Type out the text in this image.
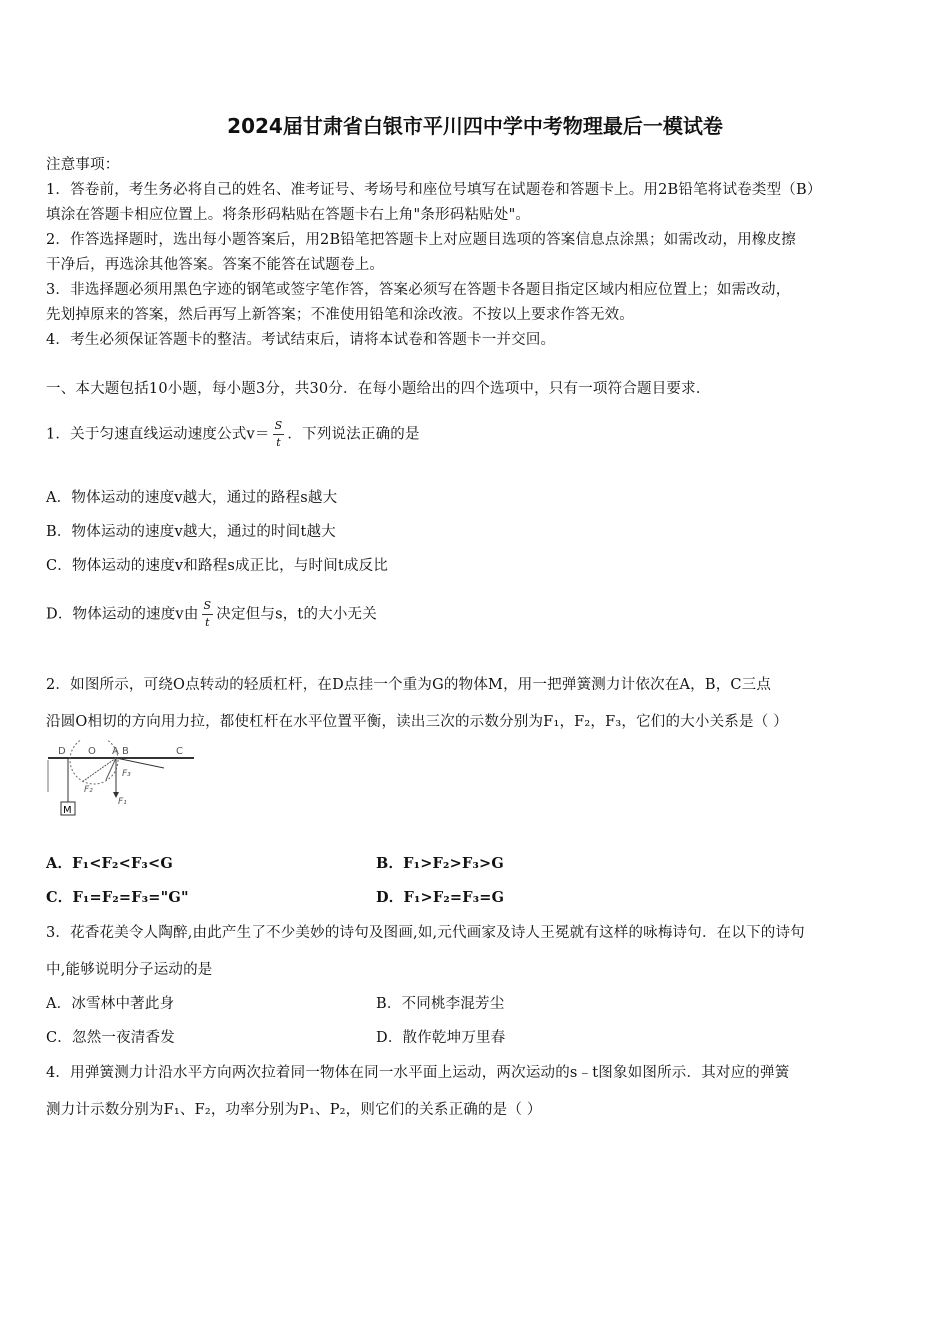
2024届甘肃省白银市平川四中学中考物理最后一模试卷
注意事项：
1．答卷前，考生务必将自己的姓名、准考证号、考场号和座位号填写在试题卷和答题卡上。用2B铅笔将试卷类型（B）
填涂在答题卡相应位置上。将条形码粘贴在答题卡右上角"条形码粘贴处"。
2．作答选择题时，选出每小题答案后，用2B铅笔把答题卡上对应题目选项的答案信息点涂黑；如需改动，用橡皮擦
干净后，再选涂其他答案。答案不能答在试题卷上。
3．非选择题必须用黑色字迹的钢笔或签字笔作答，答案必须写在答题卡各题目指定区域内相应位置上；如需改动，
先划掉原来的答案，然后再写上新答案；不准使用铅笔和涂改液。不按以上要求作答无效。
4．考生必须保证答题卡的整洁。考试结束后，请将本试卷和答题卡一并交回。
一、本大题包括10小题，每小题3分，共30分．在每小题给出的四个选项中，只有一项符合题目要求．
1．关于匀速直线运动速度公式$v= \frac{S}{t}$ ．下列说法正确的是
A．物体运动的速度v越大，通过的路程s越大
B．物体运动的速度v越大，通过的时间t越大
C．物体运动的速度v和路程s成正比，与时间t成反比
D．物体运动的速度v由 $\frac{S}{t}$ 决定但与s，t的大小无关
2．如图所示，可绕O点转动的轻质杠杆，在D点挂一个重为G的物体M，用一把弹簧测力计依次在A，B，C三点
沿圆O相切的方向用力拉，都使杠杆在水平位置平衡，读出三次的示数分别为F₁，F₂，F₃，它们的大小关系是（ ）
M
D O A B	C
F₃
F₂
F₁
A．F₁<F₂<F₃<G	B．F₁>F₂>F₃>G
C．F₁=F₂=F₃="G"	D．F₁>F₂=F₃=G
3．花香花美令人陶醉,由此产生了不少美妙的诗句及图画,如,元代画家及诗人王冕就有这样的咏梅诗句．在以下的诗句
中,能够说明分子运动的是
A．冰雪林中著此身	B．不同桃李混芳尘
C．忽然一夜清香发	D．散作乾坤万里春
4．用弹簧测力计沿水平方向两次拉着同一物体在同一水平面上运动，两次运动的s﹣t图象如图所示．其对应的弹簧
测力计示数分别为F₁、F₂，功率分别为P₁、P₂，则它们的关系正确的是（ ）
